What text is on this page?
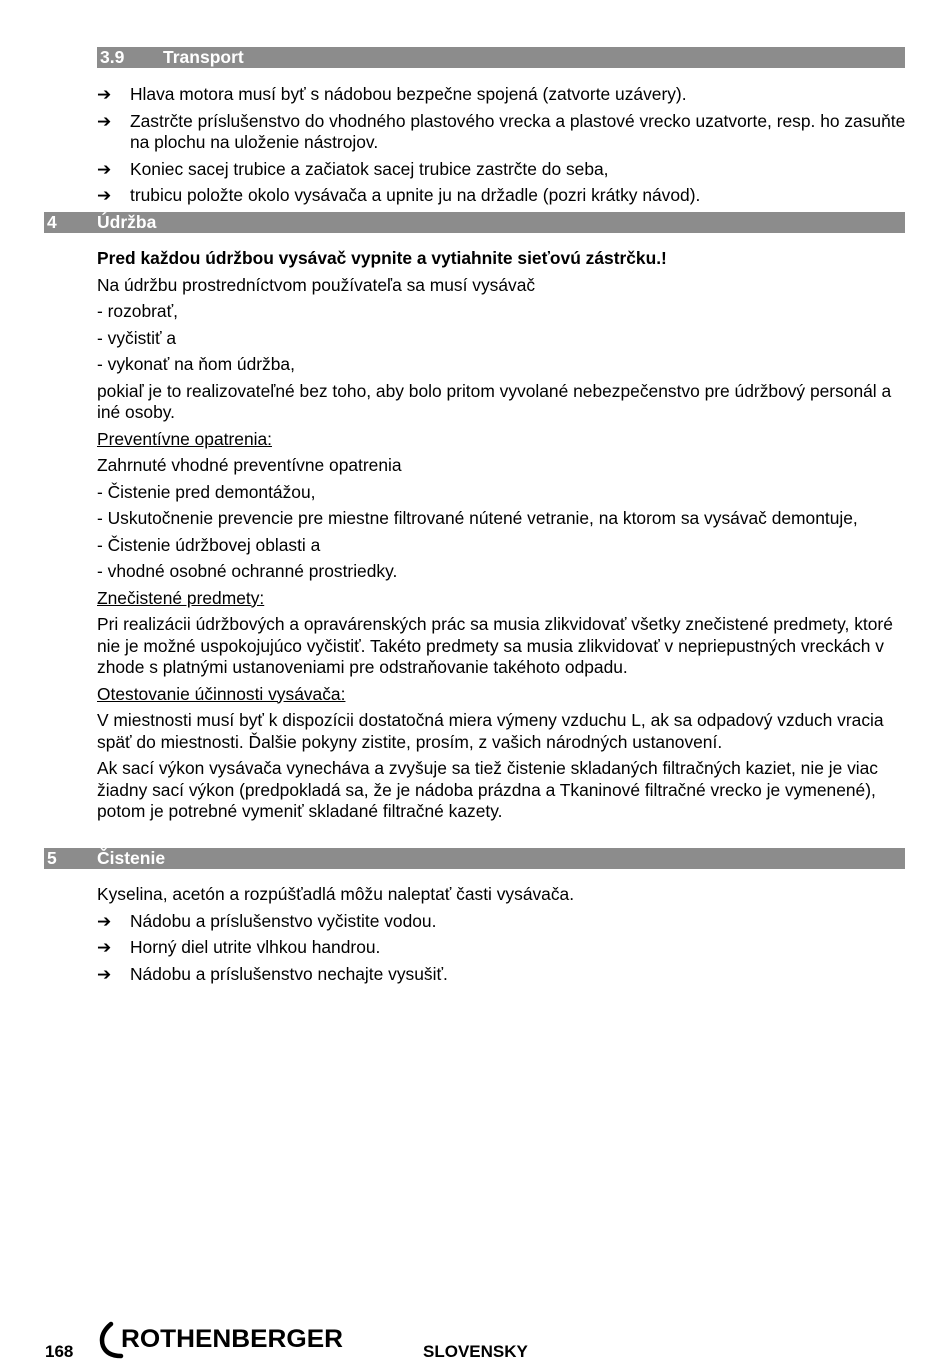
3.9 Transport
➔ Hlava motora musí byť s nádobou bezpečne spojená (zatvorte uzávery).
➔ Zastrčte príslušenstvo do vhodného plastového vrecka a plastové vrecko uzatvorte, resp. ho zasuňte na plochu na uloženie nástrojov.
➔ Koniec sacej trubice a začiatok sacej trubice zastrčte do seba,
➔ trubicu položte okolo vysávača a upnite ju na držadle (pozri krátky návod).
4 Údržba
Pred každou údržbou vysávač vypnite a vytiahnite sieťovú zástrčku.!
Na údržbu prostredníctvom používateľa sa musí vysávač
- rozobrať,
- vyčistiť a
- vykonať na ňom údržba,
pokiaľ je to realizovateľné bez toho, aby bolo pritom vyvolané nebezpečenstvo pre údržbový personál a iné osoby.
Preventívne opatrenia:
Zahrnuté vhodné preventívne opatrenia
- Čistenie pred demontážou,
- Uskutočnenie prevencie pre miestne filtrované nútené vetranie, na ktorom sa vysávač demontuje,
- Čistenie údržbovej oblasti a
- vhodné osobné ochranné prostriedky.
Znečistené predmety:
Pri realizácii údržbových a opravárenských prác sa musia zlikvidovať všetky znečistené predmety, ktoré nie je možné uspokojujúco vyčistiť. Takéto predmety sa musia zlikvidovať v nepriepustných vreckách v zhode s platnými ustanoveniami pre odstraňovanie takéhoto odpadu.
Otestovanie účinnosti vysávača:
V miestnosti musí byť k dispozícii dostatočná miera výmeny vzduchu L, ak sa odpadový vzduch vracia späť do miestnosti. Ďalšie pokyny zistite, prosím, z vašich národných ustanovení.
Ak sací výkon vysávača vynecháva a zvyšuje sa tiež čistenie skladaných filtračných kaziet, nie je viac žiadny sací výkon (predpokladá sa, že je nádoba prázdna a Tkaninové filtračné vrecko je vymenené), potom je potrebné vymeniť skladané filtračné kazety.
5 Čistenie
Kyselina, acetón a rozpúšťadlá môžu naleptať časti vysávača.
➔ Nádobu a príslušenstvo vyčistite vodou.
➔ Horný diel utrite vlhkou handrou.
➔ Nádobu a príslušenstvo nechajte vysušiť.
168 ROTHENBERGER	SLOVENSKY
